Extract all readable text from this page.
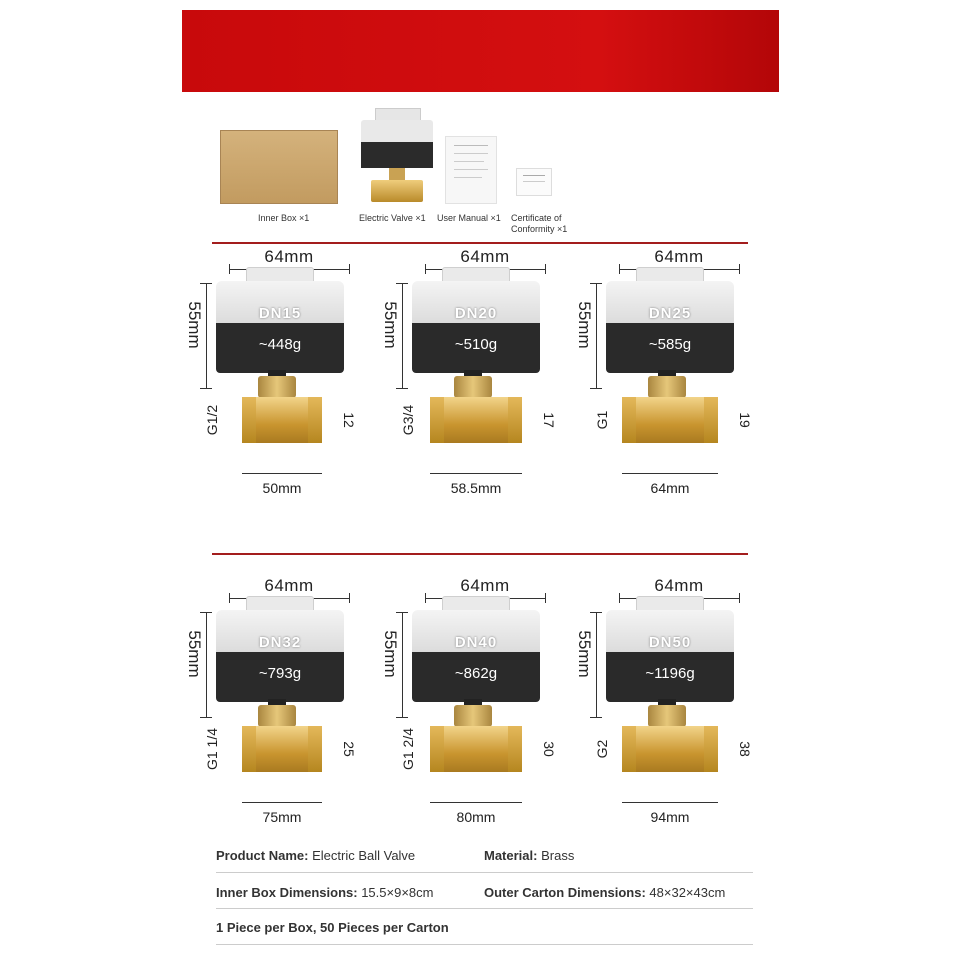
Inner Box ×1	Electric Valve ×1 User Manual ×1 Certificate of Conformity ×1
64mm
55mm	DN15
~448g
G1/2	12
50mm
64mm
55mm	DN20
~510g
G3/4	17
58.5mm
64mm
55mm	DN25
~585g
G1	19
64mm
64mm
55mm	DN32
~793g
G1 1/4	25
75mm
64mm
55mm	DN40
~862g
G1 2/4	30
80mm
64mm
55mm	DN50
~1196g
G2	38
94mm
Product Name: Electric Ball Valve	Material: Brass
Inner Box Dimensions: 15.5×9×8cm	Outer Carton Dimensions: 48×32×43cm
1 Piece per Box, 50 Pieces per Carton
